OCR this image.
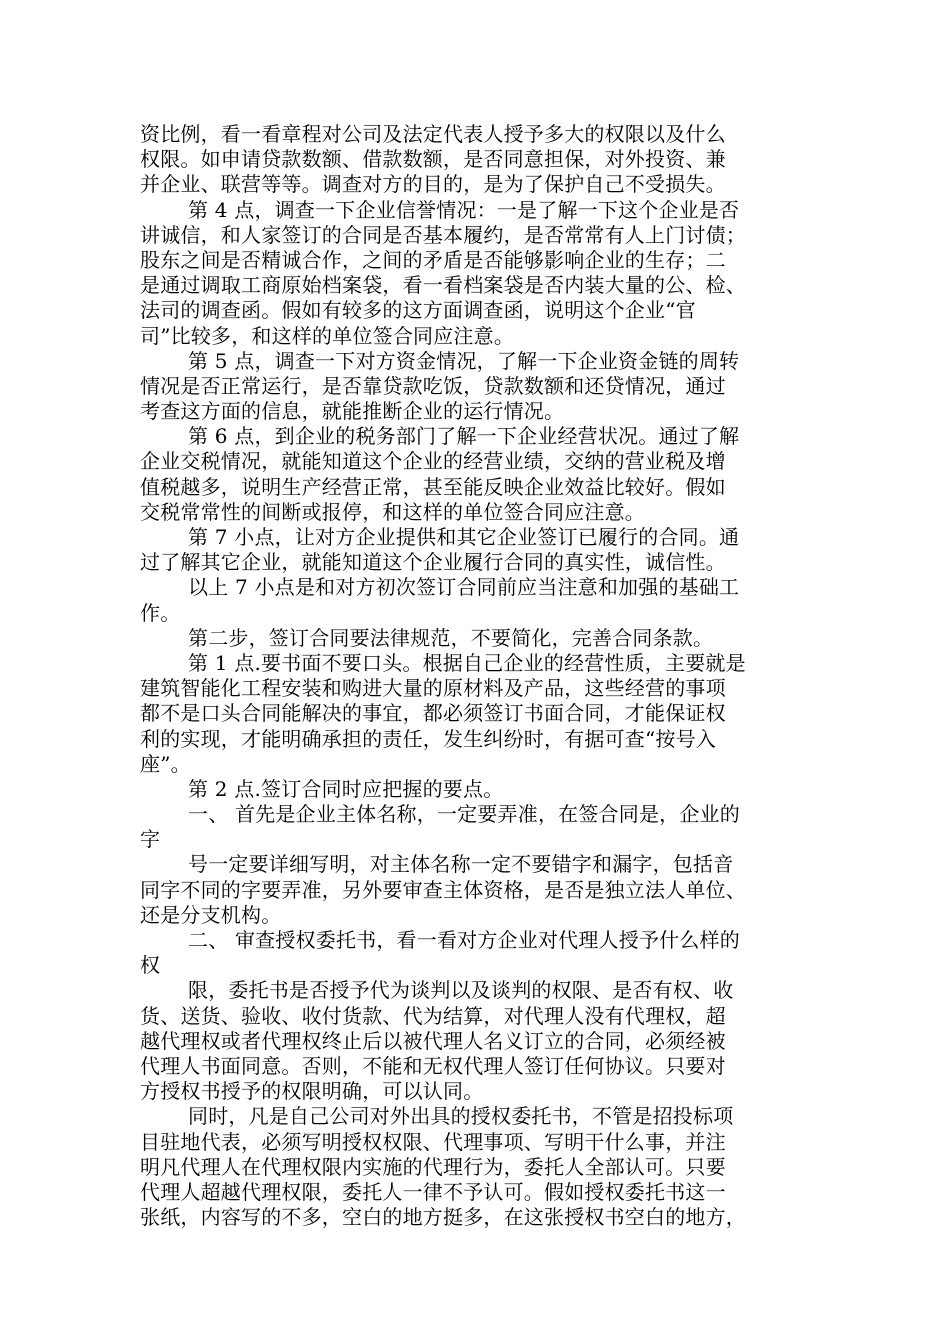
资比例，看一看章程对公司及法定代表人授予多大的权限以及什么
权限。如申请贷款数额、借款数额，是否同意担保，对外投资、兼
并企业、联营等等。调查对方的目的，是为了保护自己不受损失。
第 4 点，调查一下企业信誉情况：一是了解一下这个企业是否
讲诚信，和人家签订的合同是否基本履约，是否常常有人上门讨债；
股东之间是否精诚合作，之间的矛盾是否能够影响企业的生存；二
是通过调取工商原始档案袋，看一看档案袋是否内装大量的公、检、
法司的调查函。假如有较多的这方面调查函，说明这个企业“官
司”比较多，和这样的单位签合同应注意。
第 5 点，调查一下对方资金情况，了解一下企业资金链的周转
情况是否正常运行，是否靠贷款吃饭，贷款数额和还贷情况，通过
考查这方面的信息，就能推断企业的运行情况。
第 6 点，到企业的税务部门了解一下企业经营状况。通过了解
企业交税情况，就能知道这个企业的经营业绩，交纳的营业税及增
值税越多，说明生产经营正常，甚至能反映企业效益比较好。假如
交税常常性的间断或报停，和这样的单位签合同应注意。
第 7 小点，让对方企业提供和其它企业签订已履行的合同。通
过了解其它企业，就能知道这个企业履行合同的真实性，诚信性。
以上 7 小点是和对方初次签订合同前应当注意和加强的基础工
作。
第二步，签订合同要法律规范，不要简化，完善合同条款。
第 1 点.要书面不要口头。根据自己企业的经营性质，主要就是
建筑智能化工程安装和购进大量的原材料及产品，这些经营的事项
都不是口头合同能解决的事宜，都必须签订书面合同，才能保证权
利的实现，才能明确承担的责任，发生纠纷时，有据可查“按号入
座”。
第 2 点.签订合同时应把握的要点。
一、 首先是企业主体名称，一定要弄准，在签合同是，企业的
字
号一定要详细写明，对主体名称一定不要错字和漏字，包括音
同字不同的字要弄准，另外要审查主体资格，是否是独立法人单位、
还是分支机构。
二、 审查授权委托书，看一看对方企业对代理人授予什么样的
权
限，委托书是否授予代为谈判以及谈判的权限、是否有权、收
货、送货、验收、收付货款、代为结算，对代理人没有代理权，超
越代理权或者代理权终止后以被代理人名义订立的合同，必须经被
代理人书面同意。否则，不能和无权代理人签订任何协议。只要对
方授权书授予的权限明确，可以认同。
同时，凡是自己公司对外出具的授权委托书，不管是招投标项
目驻地代表，必须写明授权权限、代理事项、写明干什么事，并注
明凡代理人在代理权限内实施的代理行为，委托人全部认可。只要
代理人超越代理权限，委托人一律不予认可。假如授权委托书这一
张纸，内容写的不多，空白的地方挺多，在这张授权书空白的地方，
